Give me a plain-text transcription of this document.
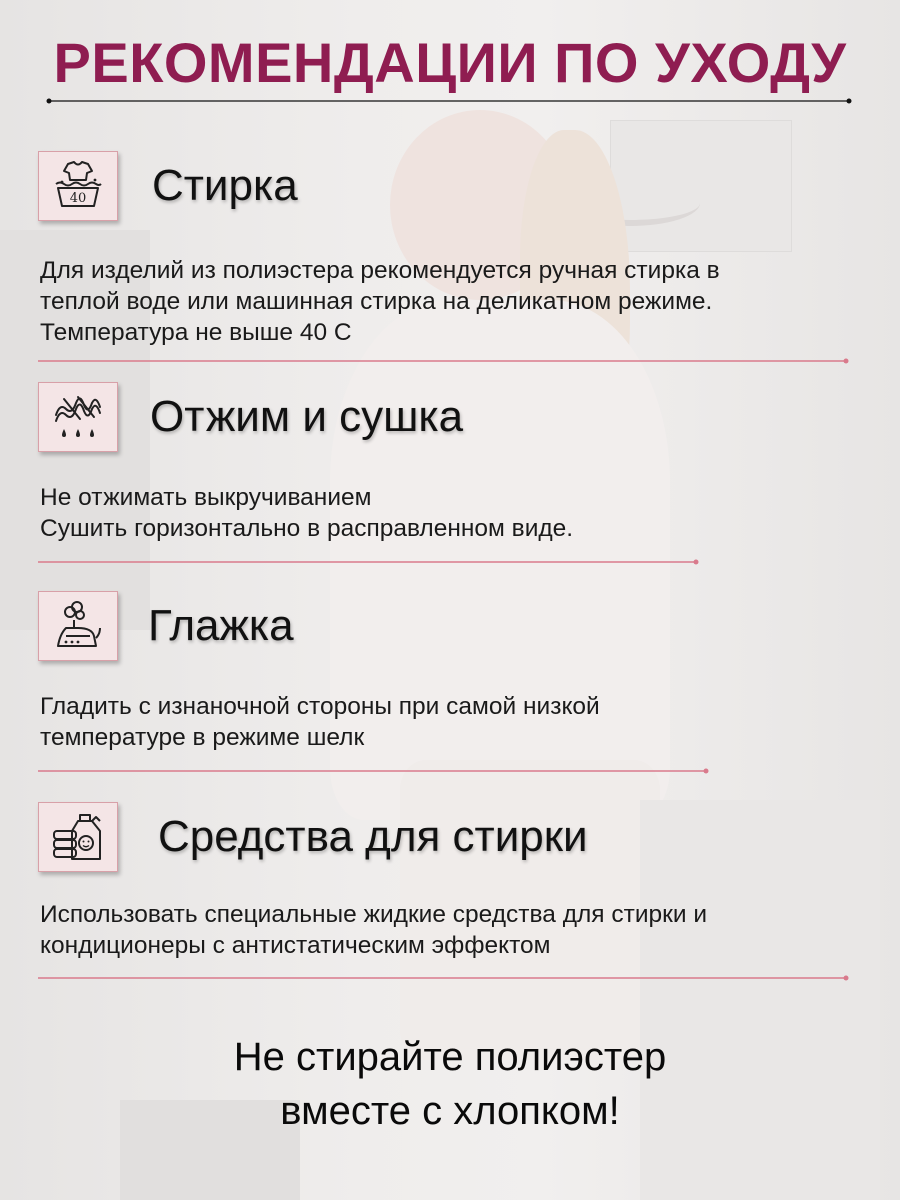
РЕКОМЕНДАЦИИ ПО УХОДУ
40 Стирка

Для изделий из полиэстера рекомендуется ручная стирка в
теплой воде или машинная стирка на деликатном режиме.
Температура не выше 40 С

Отжим и сушка

Не отжимать выкручиванием
Сушить горизонтально в расправленном виде.

Глажка

Гладить с изнаночной стороны при самой низкой
температуре в режиме шелк

Средства для стирки

Использовать специальные жидкие средства для стирки и
кондиционеры с антистатическим эффектом

Не стирайте полиэстер
вместе с хлопком!
